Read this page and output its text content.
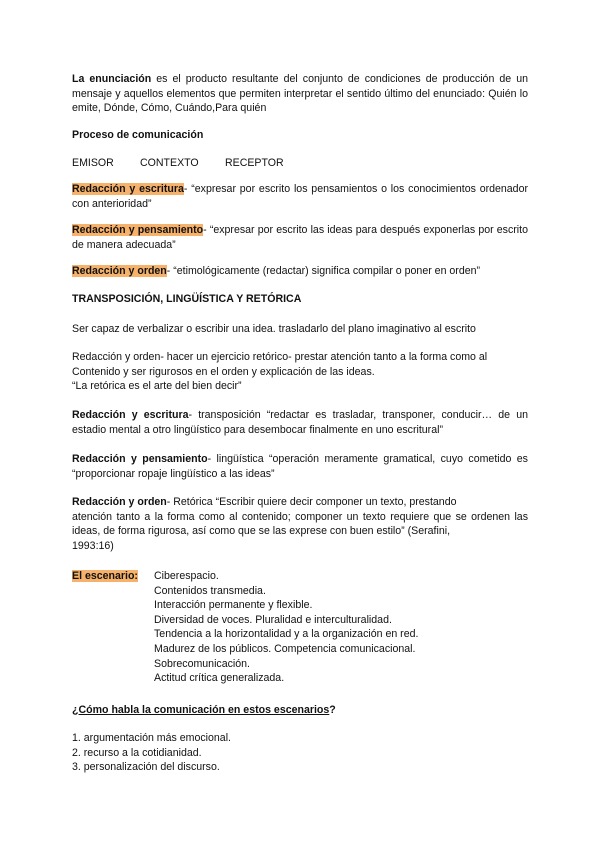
La enunciación es el producto resultante del conjunto de condiciones de producción de un mensaje y aquellos elementos que permiten interpretar el sentido último del enunciado: Quién lo emite, Dónde, Cómo, Cuándo,Para quién
Proceso de comunicación
EMISOR CONTEXTO RECEPTOR
Redacción y escritura- “expresar por escrito los pensamientos o los conocimientos ordenador con anterioridad”
Redacción y pensamiento- “expresar por escrito las ideas para después exponerlas por escrito de manera adecuada”
Redacción y orden- “etimológicamente (redactar) significa compilar o poner en orden”
TRANSPOSICIÓN, LINGÜÍSTICA Y RETÓRICA
Ser capaz de verbalizar o escribir una idea. trasladarlo del plano imaginativo al escrito
Redacción y orden- hacer un ejercicio retórico- prestar atención tanto a la forma como al
Contenido y ser rigurosos en el orden y explicación de las ideas.
“La retórica es el arte del bien decir”
Redacción y escritura- transposición “redactar es trasladar, transponer, conducir… de un estadio mental a otro lingüístico para desembocar finalmente en uno escritural”
Redacción y pensamiento- lingüística “operación meramente gramatical, cuyo cometido es “proporcionar ropaje lingüístico a las ideas”
Redacción y orden- Retórica “Escribir quiere decir componer un texto, prestando
atención tanto a la forma como al contenido; componer un texto requiere que se ordenen las ideas, de forma rigurosa, así como que se las exprese con buen estilo” (Serafini,
1993:16)
El escenario: Ciberespacio.
Contenidos transmedia.
Interacción permanente y flexible.
Diversidad de voces. Pluralidad e interculturalidad.
Tendencia a la horizontalidad y a la organización en red.
Madurez de los públicos. Competencia comunicacional.
Sobrecomunicación.
Actitud crítica generalizada.
¿Cómo habla la comunicación en estos escenarios?
1. argumentación más emocional.
2. recurso a la cotidianidad.
3. personalización del discurso.
